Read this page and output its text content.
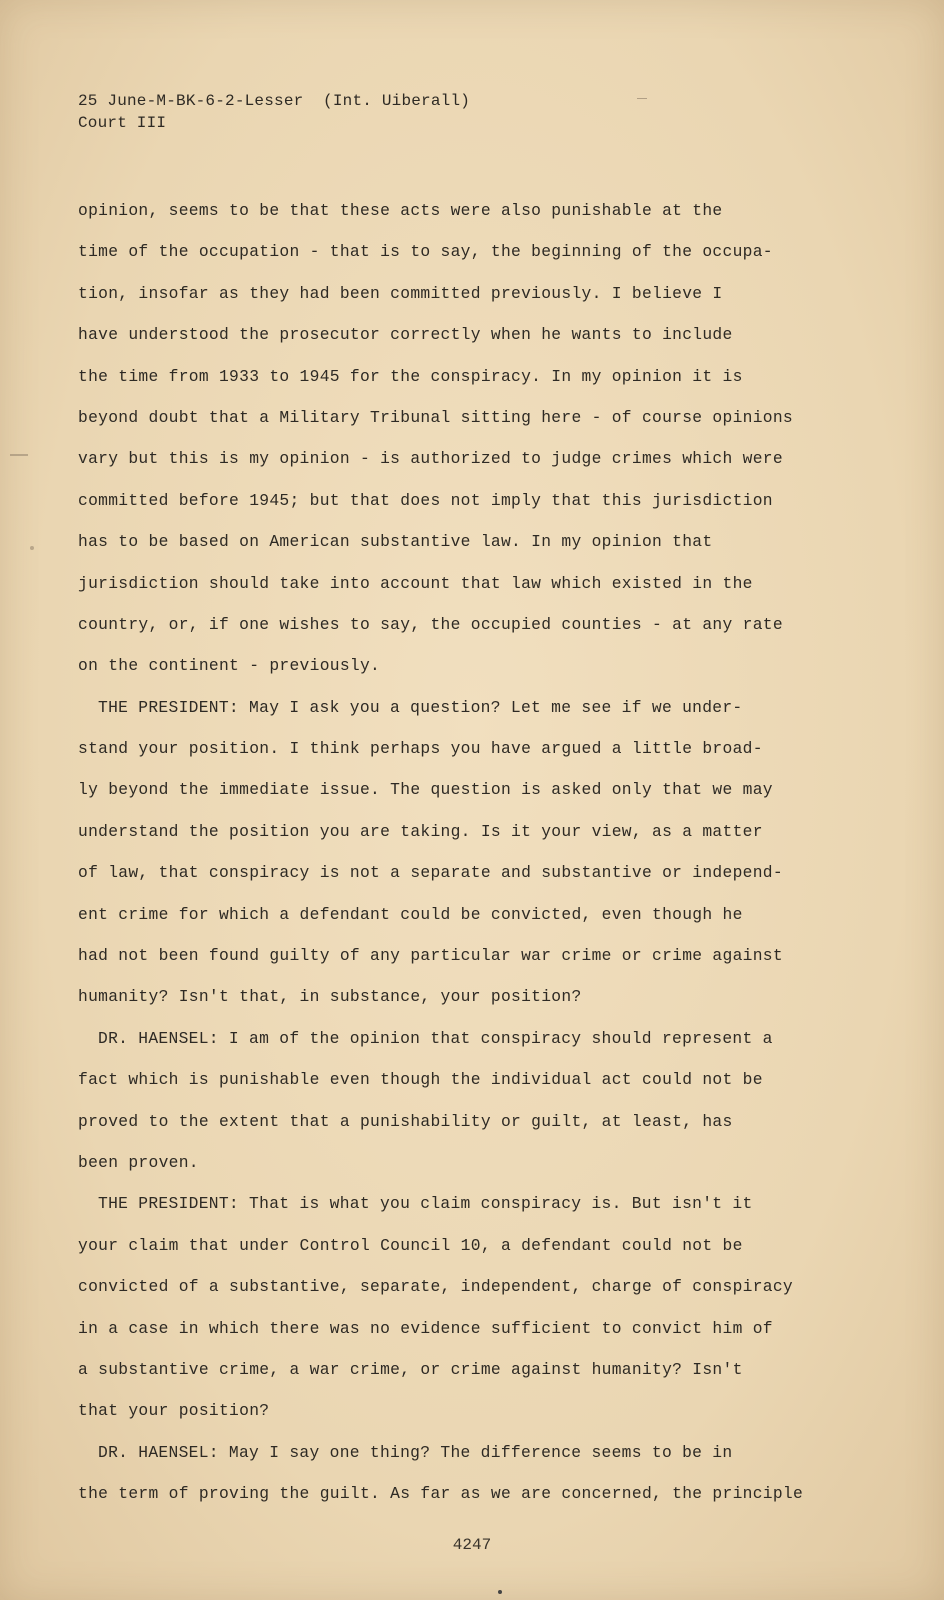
25 June-M-BK-6-2-Lesser  (Int. Uiberall)
Court III
opinion, seems to be that these acts were also punishable at the
time of the occupation - that is to say, the beginning of the occupa-
tion, insofar as they had been committed previously. I believe I
have understood the prosecutor correctly when he wants to include
the time from 1933 to 1945 for the conspiracy. In my opinion it is
beyond doubt that a Military Tribunal sitting here - of course opinions
vary but this is my opinion - is authorized to judge crimes which were
committed before 1945; but that does not imply that this jurisdiction
has to be based on American substantive law. In my opinion that
jurisdiction should take into account that law which existed in the
country, or, if one wishes to say, the occupied counties - at any rate
on the continent - previously.
THE PRESIDENT: May I ask you a question? Let me see if we under-
stand your position. I think perhaps you have argued a little broad-
ly beyond the immediate issue. The question is asked only that we may
understand the position you are taking. Is it your view, as a matter
of law, that conspiracy is not a separate and substantive or independ-
ent crime for which a defendant could be convicted, even though he
had not been found guilty of any particular war crime or crime against
humanity? Isn't that, in substance, your position?
DR. HAENSEL: I am of the opinion that conspiracy should represent a
fact which is punishable even though the individual act could not be
proved to the extent that a punishability or guilt, at least, has
been proven.
THE PRESIDENT: That is what you claim conspiracy is. But isn't it
your claim that under Control Council 10, a defendant could not be
convicted of a substantive, separate, independent, charge of conspiracy
in a case in which there was no evidence sufficient to convict him of
a substantive crime, a war crime, or crime against humanity? Isn't
that your position?
DR. HAENSEL: May I say one thing? The difference seems to be in
the term of proving the guilt. As far as we are concerned, the principle
4247
